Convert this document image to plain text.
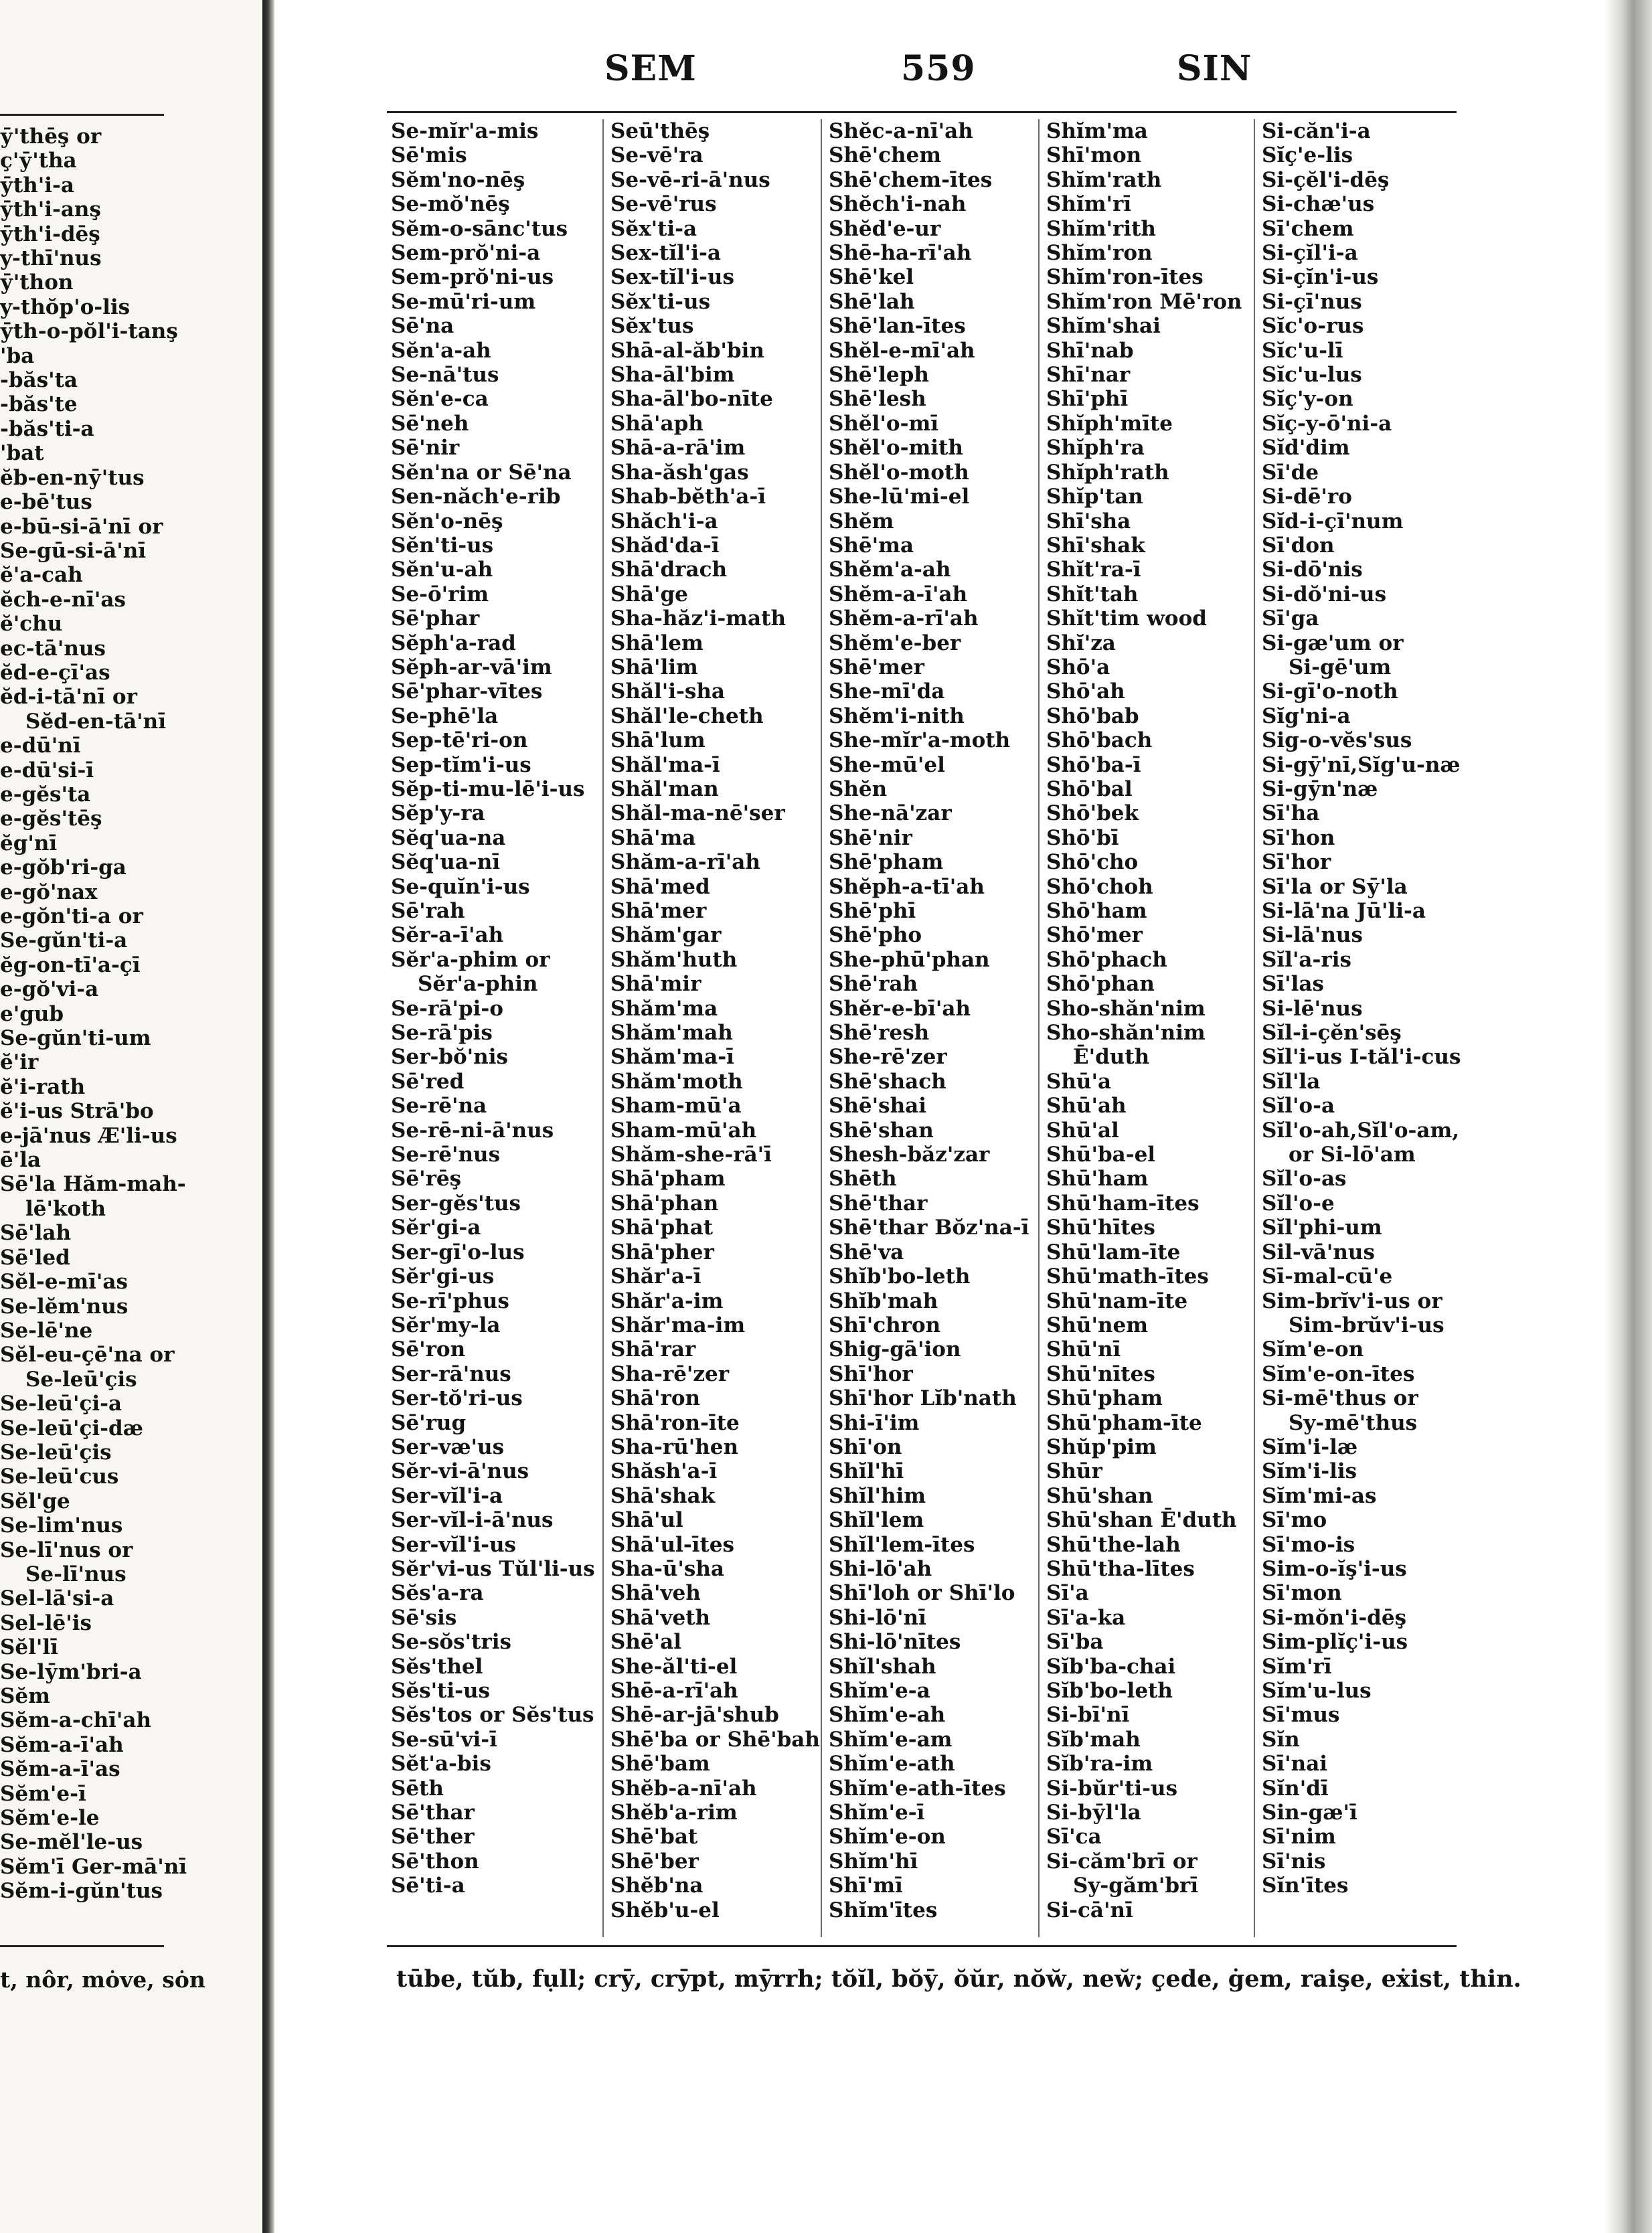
ӯ'thēş or
ç'ӯ'tha
ӯth'i-a
ӯth'i-anş
ӯth'i-dēş
y-thī'nus
ӯ'thon
y-thŏp'o-lis
ӯth-o-pŏl'i-tanş
'ba
-băs'ta
-băs'te
-băs'ti-a
'bat
ĕb-en-nӯ'tus
e-bē'tus
e-bū-si-ā'nī or
Se-gū-si-ā'nī
ĕ'a-cah
ĕch-e-nī'as
ĕ'chu
ec-tā'nus
ĕd-e-çī'as
ĕd-i-tā'nī or
Sĕd-en-tā'nī
e-dū'nī
e-dū'si-ī
e-gĕs'ta
e-gĕs'tēş
ĕg'nī
e-gŏb'ri-ga
e-gŏ'nax
e-gŏn'ti-a or
Se-gŭn'ti-a
ĕg-on-tī'a-çī
e-gŏ'vi-a
e'gub
Se-gŭn'ti-um
ĕ'ir
ĕ'i-rath
ĕ'i-us Strā'bo
e-jā'nus Æ'li-us
ē'la
Sē'la Hăm-mah-
lē'koth
Sē'lah
Sē'led
Sĕl-e-mī'as
Se-lĕm'nus
Se-lē'ne
Sĕl-eu-çē'na or
Se-leū'çis
Se-leū'çi-a
Se-leū'çi-dæ
Se-leū'çis
Se-leū'cus
Sĕl'ge
Se-lim'nus
Se-lī'nus or
Se-lī'nus
Sel-lā'si-a
Sel-lē'is
Sĕl'lī
Se-lӯm'bri-a
Sĕm
Sĕm-a-chī'ah
Sĕm-a-ī'ah
Sĕm-a-ī'as
Sĕm'e-ī
Sĕm'e-le
Se-mĕl'le-us
Sĕm'ī Ger-mā'nī
Sĕm-i-gŭn'tus
t, nôr, mȯve, sȯn
SEM	559	SIN
Se-mĭr'a-mis
Sē'mis
Sĕm'no-nēş
Se-mŏ'nēş
Sĕm-o-sānc'tus
Sem-prŏ'ni-a
Sem-prŏ'ni-us
Se-mū'ri-um
Sē'na
Sĕn'a-ah
Se-nā'tus
Sĕn'e-ca
Sē'neh
Sē'nir
Sĕn'na or Sē'na
Sen-năch'e-rib
Sĕn'o-nēş
Sĕn'ti-us
Sĕn'u-ah
Se-ō'rim
Sē'phar
Sĕph'a-rad
Sĕph-ar-vā'im
Sē'phar-vītes
Se-phē'la
Sep-tē'ri-on
Sep-tĭm'i-us
Sĕp-ti-mu-lē'i-us
Sĕp'y-ra
Sĕq'ua-na
Sĕq'ua-nī
Se-quĭn'i-us
Sē'rah
Sĕr-a-ī'ah
Sĕr'a-phim or
Sĕr'a-phin
Se-rā'pi-o
Se-rā'pis
Ser-bŏ'nis
Sē'red
Se-rē'na
Se-rē-ni-ā'nus
Se-rē'nus
Sē'rēş
Ser-gĕs'tus
Sĕr'gi-a
Ser-gī'o-lus
Sĕr'gi-us
Se-rī'phus
Sĕr'my-la
Sē'ron
Ser-rā'nus
Ser-tŏ'ri-us
Sē'rug
Ser-væ'us
Sĕr-vi-ā'nus
Ser-vĭl'i-a
Ser-vĭl-i-ā'nus
Ser-vĭl'i-us
Sĕr'vi-us Tŭl'li-us
Sĕs'a-ra
Sē'sis
Se-sŏs'tris
Sĕs'thel
Sĕs'ti-us
Sĕs'tos or Sĕs'tus
Se-sū'vi-ī
Sĕt'a-bis
Sēth
Sē'thar
Sē'ther
Sē'thon
Sē'ti-a
Seū'thēş
Se-vē'ra
Se-vē-ri-ā'nus
Se-vē'rus
Sĕx'ti-a
Sex-tĭl'i-a
Sex-tĭl'i-us
Sĕx'ti-us
Sĕx'tus
Shā-al-ăb'bin
Sha-āl'bim
Sha-āl'bo-nīte
Shā'aph
Shā-a-rā'im
Sha-ăsh'gas
Shab-bĕth'a-ī
Shăch'i-a
Shăd'da-ī
Shā'drach
Shā'ge
Sha-hăz'i-math
Shā'lem
Shā'lim
Shăl'i-sha
Shăl'le-cheth
Shā'lum
Shăl'ma-ī
Shăl'man
Shăl-ma-nē'ser
Shā'ma
Shăm-a-rī'ah
Shā'med
Shā'mer
Shăm'gar
Shăm'huth
Shā'mir
Shăm'ma
Shăm'mah
Shăm'ma-ī
Shăm'moth
Sham-mū'a
Sham-mū'ah
Shăm-she-rā'ī
Shā'pham
Shā'phan
Shā'phat
Shā'pher
Shăr'a-ī
Shăr'a-im
Shăr'ma-im
Shā'rar
Sha-rē'zer
Shā'ron
Shā'ron-īte
Sha-rū'hen
Shăsh'a-ī
Shā'shak
Shā'ul
Shā'ul-ītes
Sha-ū'sha
Shā'veh
Shā'veth
Shē'al
She-ăl'ti-el
Shē-a-rī'ah
Shē-ar-jā'shub
Shē'ba or Shē'bah
Shē'bam
Shĕb-a-nī'ah
Shĕb'a-rim
Shē'bat
Shē'ber
Shĕb'na
Shĕb'u-el
Shĕc-a-nī'ah
Shē'chem
Shē'chem-ītes
Shĕch'i-nah
Shĕd'e-ur
Shē-ha-rī'ah
Shē'kel
Shē'lah
Shē'lan-ītes
Shĕl-e-mī'ah
Shē'leph
Shē'lesh
Shĕl'o-mī
Shĕl'o-mith
Shĕl'o-moth
She-lū'mi-el
Shĕm
Shē'ma
Shĕm'a-ah
Shĕm-a-ī'ah
Shĕm-a-rī'ah
Shĕm'e-ber
Shē'mer
She-mī'da
Shĕm'i-nith
She-mĭr'a-moth
She-mū'el
Shĕn
She-nā'zar
Shē'nir
Shē'pham
Shĕph-a-tī'ah
Shē'phī
Shē'pho
She-phū'phan
Shē'rah
Shĕr-e-bī'ah
Shē'resh
She-rē'zer
Shē'shach
Shē'shai
Shē'shan
Shesh-băz'zar
Shēth
Shē'thar
Shē'thar Bŏz'na-ī
Shē'va
Shĭb'bo-leth
Shĭb'mah
Shī'chron
Shig-gā'ion
Shī'hor
Shī'hor Lĭb'nath
Shi-ī'im
Shī'on
Shĭl'hī
Shĭl'him
Shĭl'lem
Shĭl'lem-ītes
Shi-lō'ah
Shī'loh or Shī'lo
Shi-lō'nī
Shi-lō'nītes
Shĭl'shah
Shĭm'e-a
Shĭm'e-ah
Shĭm'e-am
Shĭm'e-ath
Shĭm'e-ath-ītes
Shĭm'e-ī
Shĭm'e-on
Shĭm'hī
Shī'mī
Shĭm'ītes
Shĭm'ma
Shī'mon
Shĭm'rath
Shĭm'rī
Shĭm'rith
Shĭm'ron
Shĭm'ron-ītes
Shĭm'ron Mē'ron
Shĭm'shai
Shī'nab
Shī'nar
Shī'phī
Shĭph'mīte
Shĭph'ra
Shĭph'rath
Shĭp'tan
Shī'sha
Shī'shak
Shĭt'ra-ī
Shĭt'tah
Shĭt'tim wood
Shĭ'za
Shō'a
Shō'ah
Shō'bab
Shō'bach
Shō'ba-ī
Shō'bal
Shō'bek
Shō'bī
Shō'cho
Shō'choh
Shō'ham
Shō'mer
Shō'phach
Shō'phan
Sho-shăn'nim
Sho-shăn'nim
Ē'duth
Shū'a
Shū'ah
Shū'al
Shū'ba-el
Shū'ham
Shū'ham-ītes
Shū'hītes
Shū'lam-īte
Shū'math-ītes
Shū'nam-īte
Shū'nem
Shū'nī
Shū'nītes
Shū'pham
Shū'pham-īte
Shŭp'pim
Shūr
Shū'shan
Shū'shan Ē'duth
Shū'the-lah
Shū'tha-lītes
Sī'a
Sī'a-ka
Sī'ba
Sĭb'ba-chai
Sĭb'bo-leth
Si-bī'nī
Sĭb'mah
Sĭb'ra-im
Si-bŭr'ti-us
Si-bӯl'la
Sī'ca
Si-căm'brī or
Sy-găm'brī
Si-cā'nī
Si-căn'i-a
Sĭç'e-lis
Si-çĕl'i-dēş
Si-chæ'us
Sī'chem
Si-çĭl'i-a
Si-çĭn'i-us
Si-çī'nus
Sĭc'o-rus
Sĭc'u-lī
Sĭc'u-lus
Sĭç'y-on
Sĭç-y-ō'ni-a
Sĭd'dim
Sī'de
Si-dē'ro
Sĭd-i-çī'num
Sī'don
Si-dō'nis
Si-dŏ'ni-us
Sī'ga
Si-gæ'um or
Si-gē'um
Si-gī'o-noth
Sĭg'ni-a
Sig-o-vĕs'sus
Si-gӯ'nī,Sĭg'u-næ
Si-gӯn'næ
Sī'ha
Sī'hon
Sī'hor
Sī'la or Sӯ'la
Si-lā'na Jū'li-a
Si-lā'nus
Sĭl'a-ris
Sī'las
Si-lē'nus
Sĭl-i-çĕn'sēş
Sĭl'i-us I-tăl'i-cus
Sĭl'la
Sĭl'o-a
Sĭl'o-ah,Sĭl'o-am,
or Si-lō'am
Sĭl'o-as
Sĭl'o-e
Sĭl'phi-um
Sil-vā'nus
Sī-mal-cū'e
Sim-brĭv'i-us or
Sim-brŭv'i-us
Sĭm'e-on
Sĭm'e-on-ītes
Si-mē'thus or
Sy-mē'thus
Sĭm'i-læ
Sĭm'i-lis
Sĭm'mi-as
Sī'mo
Sī'mo-is
Sim-o-ĭş'i-us
Sī'mon
Si-mŏn'i-dēş
Sim-plĭç'i-us
Sĭm'rī
Sĭm'u-lus
Sī'mus
Sĭn
Sī'nai
Sĭn'dī
Sin-gæ'ī
Sī'nim
Sī'nis
Sĭn'ītes
tūbe, tŭb, fụll; crȳ, crȳpt, mȳrrh; tŏĭl, bŏȳ, ŏŭr, nŏw̆, new̆; çede, ġem, raişe, eẋist, thin.
